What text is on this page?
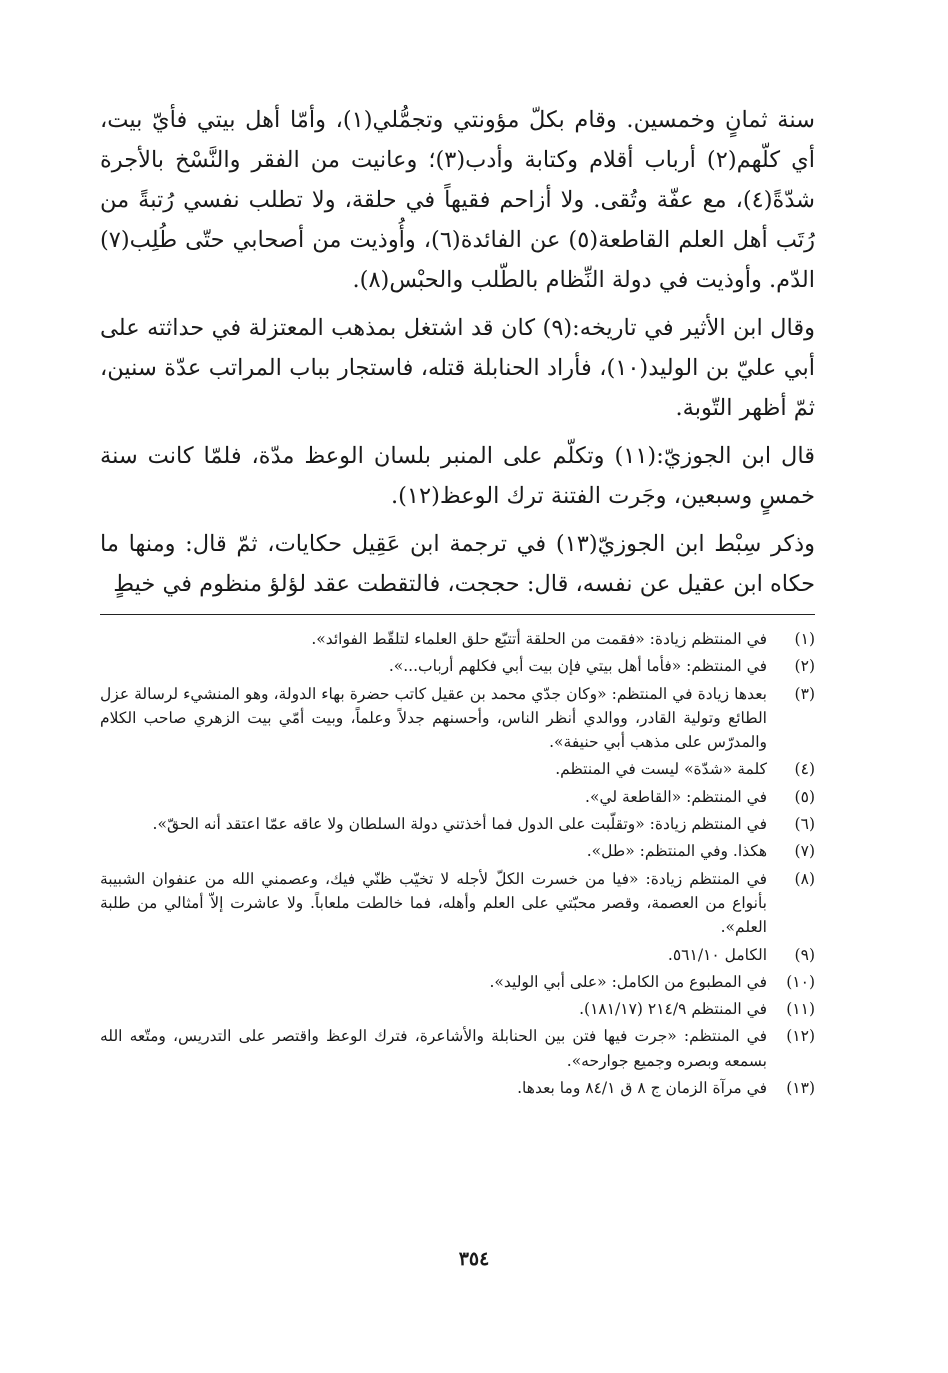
سنة ثمانٍ وخمسين. وقام بكلّ مؤونتي وتجمُّلي(١)، وأمّا أهل بيتي فأيّ بيت، أي كلّهم(٢) أرباب أقلام وكتابة وأدب(٣)؛ وعانيت من الفقر والنَّسْخ بالأجرة شدّةً(٤)، مع عفّة وتُقى. ولا أزاحم فقيهاً في حلقة، ولا تطلب نفسي رُتبةً من رُتَب أهل العلم القاطعة(٥) عن الفائدة(٦)، وأُوذيت من أصحابي حتّى طُلِب(٧) الدّم. وأوذيت في دولة النِّظام بالطّلب والحبْس(٨).

وقال ابن الأثير في تاريخه:(٩) كان قد اشتغل بمذهب المعتزلة في حداثته على أبي عليّ بن الوليد(١٠)، فأراد الحنابلة قتله، فاستجار بباب المراتب عدّة سنين، ثمّ أظهر التّوبة.

قال ابن الجوزيّ:(١١) وتكلّم على المنبر بلسان الوعظ مدّة، فلمّا كانت سنة خمسٍ وسبعين، وجَرت الفتنة ترك الوعظ(١٢).

وذكر سِبْط ابن الجوزيّ(١٣) في ترجمة ابن عَقِيل حكايات، ثمّ قال: ومنها ما حكاه ابن عقيل عن نفسه، قال: حججت، فالتقطت عقد لؤلؤ منظوم في خيطٍ

(١)
في المنتظم زيادة: «فقمت من الحلقة أتتبّع حلق العلماء لتلقّط الفوائد».
(٢)
في المنتظم: «فأما أهل بيتي فإن بيت أبي فكلهم أرباب...».
(٣)
بعدها زيادة في المنتظم: «وكان جدّي محمد بن عقيل كاتب حضرة بهاء الدولة، وهو المنشيء لرسالة عزل الطائع وتولية القادر، ووالدي أنظر الناس، وأحسنهم جدلاً وعلماً، وبيت أمّي بيت الزهري صاحب الكلام والمدرّس على مذهب أبي حنيفة».
(٤)
كلمة «شدّة» ليست في المنتظم.
(٥)
في المنتظم: «القاطعة لي».
(٦)
في المنتظم زيادة: «وتقلّبت على الدول فما أخذتني دولة السلطان ولا عاقه عمّا اعتقد أنه الحقّ».
(٧)
هكذا. وفي المنتظم: «طل».
(٨)
في المنتظم زيادة: «فيا من خسرت الكلّ لأجله لا تخيّب ظنّي فيك، وعصمني الله من عنفوان الشبيبة بأنواع من العصمة، وقصر محبّتي على العلم وأهله، فما خالطت ملعاباً. ولا عاشرت إلاّ أمثالي من طلبة العلم».
(٩)
الكامل ٥٦١/١٠.
(١٠)
في المطبوع من الكامل: «على أبي الوليد».
(١١)
في المنتظم ٢١٤/٩ (١٨١/١٧).
(١٢)
في المنتظم: «جرت فيها فتن بين الحنابلة والأشاعرة، فترك الوعظ واقتصر على التدريس، ومتّعه الله بسمعه وبصره وجميع جوارحه».
(١٣)
في مرآة الزمان ج ٨ ق ٨٤/١ وما بعدها.
٣٥٤
